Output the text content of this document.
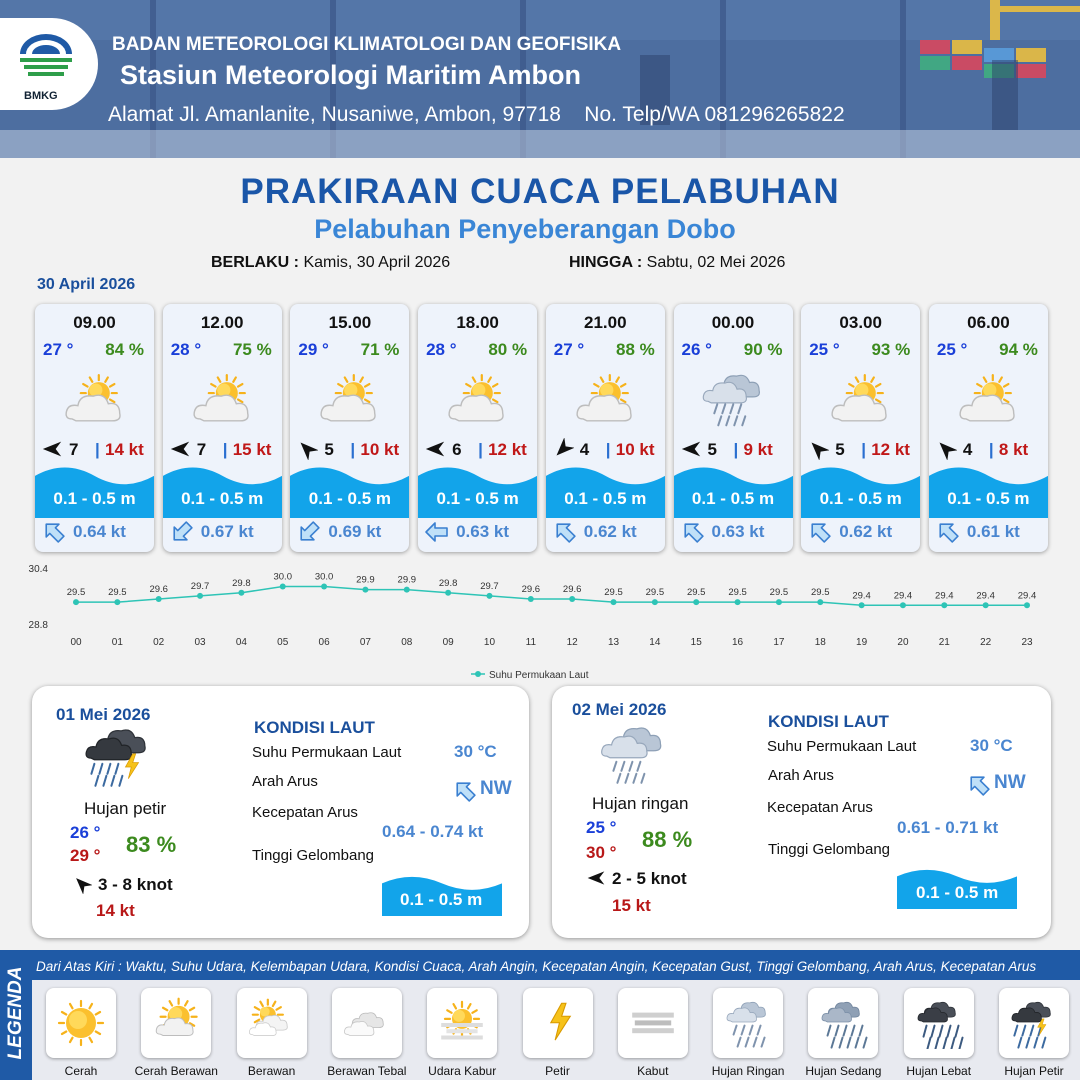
BMKG
BADAN METEOROLOGI KLIMATOLOGI DAN GEOFISIKA
Stasiun Meteorologi Maritim Ambon
Alamat Jl. Amanlanite, Nusaniwe, Ambon, 97718 No. Telp/WA 081296265822
PRAKIRAAN CUACA PELABUHAN
Pelabuhan Penyeberangan Dobo
BERLAKU : Kamis, 30 April 2026	HINGGA : Sabtu, 02 Mei 2026
30 April 2026
09.00
27 ° 84 %
7 | 14 kt
0.1 - 0.5 m
0.64 kt
12.00
28 ° 75 %
7 | 15 kt
0.1 - 0.5 m
0.67 kt
15.00
29 ° 71 %
5 | 10 kt
0.1 - 0.5 m
0.69 kt
18.00
28 ° 80 %
6 | 12 kt
0.1 - 0.5 m
0.63 kt
21.00
27 ° 88 %
4 | 10 kt
0.1 - 0.5 m
0.62 kt
00.00
26 ° 90 %
5 | 9 kt
0.1 - 0.5 m
0.63 kt
03.00
25 ° 93 %
5 | 12 kt
0.1 - 0.5 m
0.62 kt
06.00
25 ° 94 %
4 | 8 kt
0.1 - 0.5 m
0.61 kt
30.4
28.8
29.5
00
29.5
01
29.6
02
29.7
03
29.8
04
30.0
05
30.0
06
29.9
07
29.9
08
29.8
09
29.7
10
29.6
11
29.6
12
29.5
13
29.5
14
29.5
15
29.5
16
29.5
17
29.5
18
29.4
19
29.4
20
29.4
21
29.4
22
29.4
23
Suhu Permukaan Laut
01 Mei 2026
Hujan petir
26 °
29 ° 83 %
3 - 8 knot
14 kt
KONDISI LAUT
Suhu Permukaan Laut	30 °C
Arah Arus	NW
Kecepatan Arus
0.64 - 0.74 kt
Tinggi Gelombang
0.1 - 0.5 m
02 Mei 2026
Hujan ringan
25 °
30 °
88 %
2 - 5 knot
15 kt
KONDISI LAUT
Suhu Permukaan Laut	30 °C
Arah Arus	NW
Kecepatan Arus
0.61 - 0.71 kt
Tinggi Gelombang
0.1 - 0.5 m
LEGENDA
Dari Atas Kiri : Waktu, Suhu Udara, Kelembapan Udara, Kondisi Cuaca, Arah Angin, Kecepatan Angin, Kecepatan Gust, Tinggi Gelombang, Arah Arus, Kecepatan Arus
Cerah	Cerah Berawan	Berawan	Berawan Tebal	Udara Kabur	Petir	Kabut	Hujan Ringan	Hujan Sedang	Hujan Lebat	Hujan Petir
